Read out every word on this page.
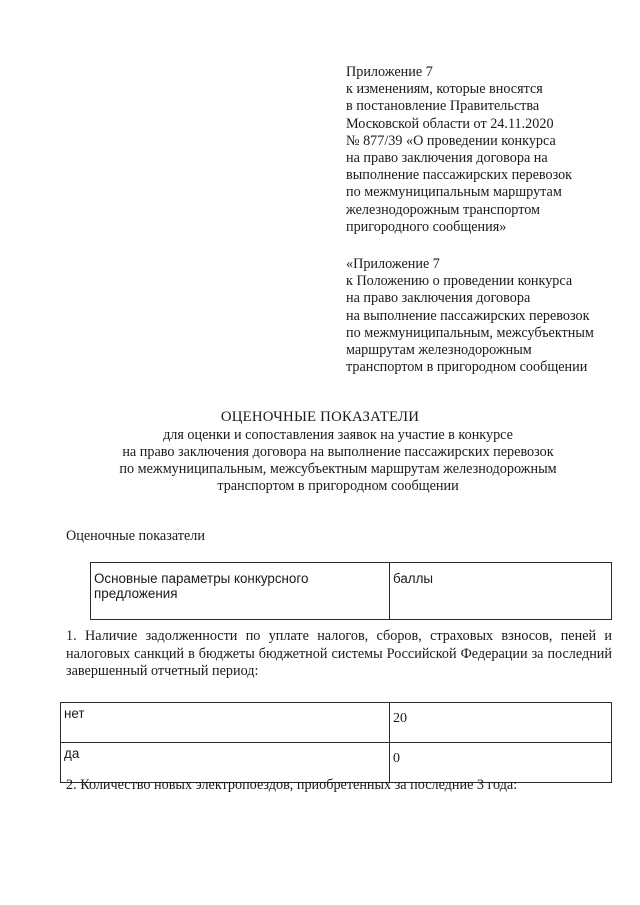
Приложение 7
к изменениям, которые вносятся
в постановление Правительства
Московской области от 24.11.2020
№ 877/39 «О проведении конкурса
на право заключения договора на
выполнение пассажирских перевозок
по межмуниципальным маршрутам
железнодорожным транспортом
пригородного сообщения»
«Приложение 7
к Положению о проведении конкурса
на право заключения договора
на выполнение пассажирских перевозок
по межмуниципальным, межсубъектным
маршрутам железнодорожным
транспортом в пригородном сообщении
ОЦЕНОЧНЫЕ ПОКАЗАТЕЛИ
для оценки и сопоставления заявок на участие в конкурсе
на право заключения договора на выполнение пассажирских перевозок
по межмуниципальным, межсубъектным маршрутам железнодорожным
транспортом в пригородном сообщении
Оценочные показатели
Основные параметры конкурсного предложения	баллы
1. Наличие задолженности по уплате налогов, сборов, страховых взносов, пеней и налоговых санкций в бюджеты бюджетной системы Российской Федерации за последний завершенный отчетный период:
нет	20
да	0
2. Количество новых электропоездов, приобретенных за последние 3 года:
